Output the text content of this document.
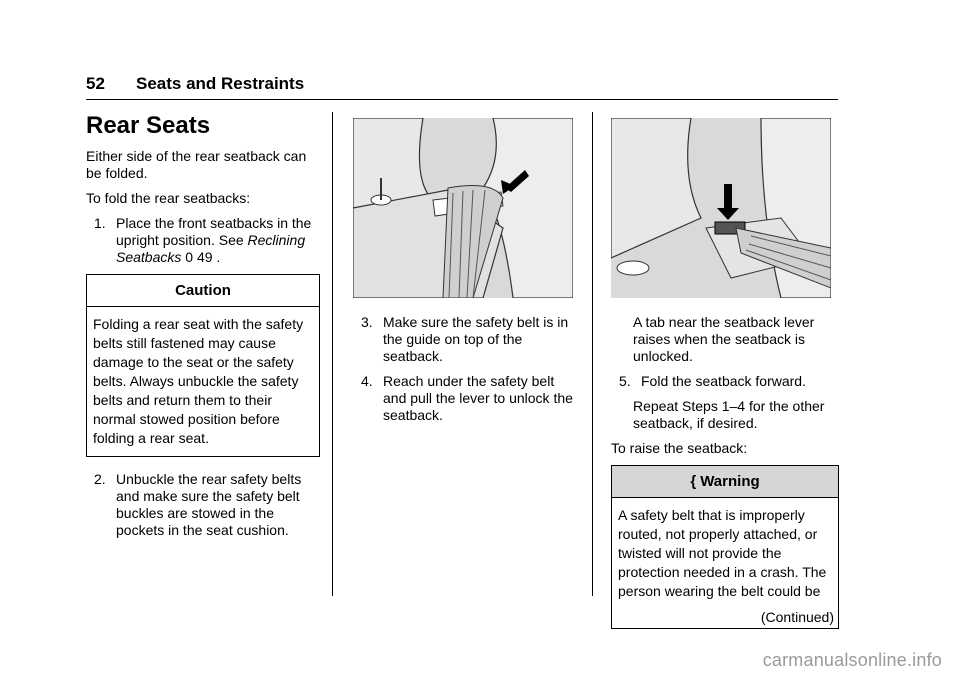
52 Seats and Restraints
Rear Seats

Either side of the rear seatback can be folded.

To fold the rear seatbacks:

1. Place the front seatbacks in the upright position. See Reclining Seatbacks 0 49 .
Caution
Folding a rear seat with the safety belts still fastened may cause damage to the seat or the safety belts. Always unbuckle the safety belts and return them to their normal stowed position before folding a rear seat.
2. Unbuckle the rear safety belts and make sure the safety belt buckles are stowed in the pockets in the seat cushion.
3. Make sure the safety belt is in the guide on top of the seatback.
4. Reach under the safety belt and pull the lever to unlock the seatback.

A tab near the seatback lever raises when the seatback is unlocked.

5. Fold the seatback forward.

Repeat Steps 1–4 for the other seatback, if desired.

To raise the seatback:

{ Warning
A safety belt that is improperly routed, not properly attached, or twisted will not provide the protection needed in a crash. The person wearing the belt could be
(Continued)
carmanualsonline.info
